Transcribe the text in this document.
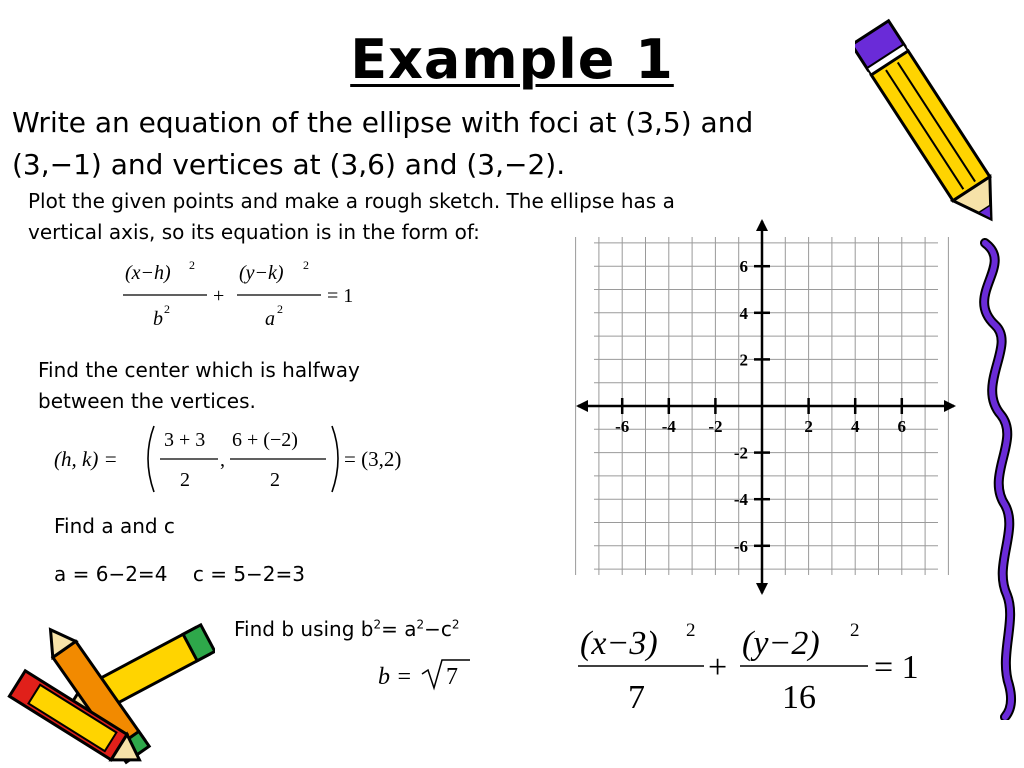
Example 1
Write an equation of the ellipse with foci at (3,5) and
(3,−1) and vertices at (3,6) and (3,−2).
Plot the given points and make a rough sketch. The ellipse has a
vertical axis, so its equation is in the form of:
(x−h) 2
b 2
+
(y−k) 2
a 2
= 1
Find the center which is halfway
between the vertices.
(h, k) =
3 + 3
2
,
6 + (−2)
2
= (3,2)
Find a and c
a = 6−2=4 c = 5−2=3
Find b using $b^2= a^2-c^2$
b = 7
-6 -4 -2	2 4 6
6
4
2
-2
-4
-6
(x−3) 2
7
+
(y−2) 2
16
= 1
